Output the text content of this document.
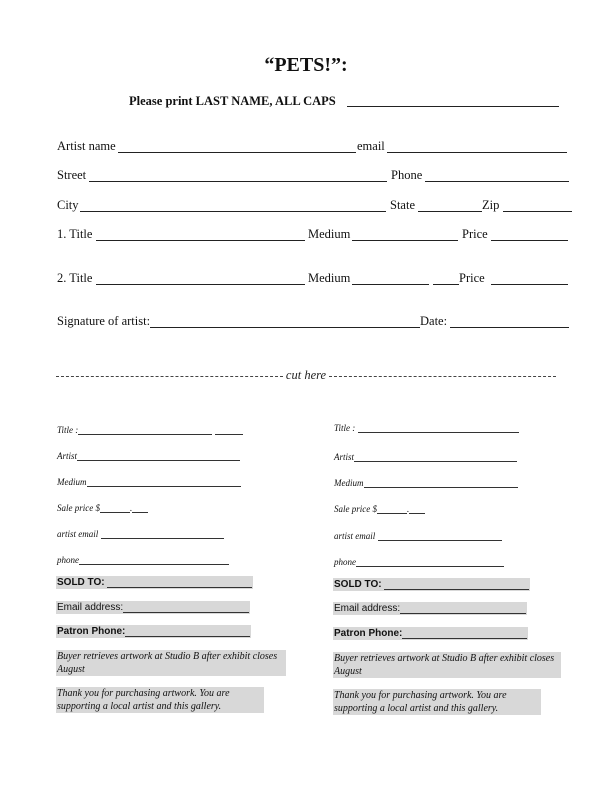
“PETS!”:
Please print LAST NAME, ALL CAPS
Artist name	email
Street	Phone
City	State	Zip
1. Title	Medium	Price
2. Title	Medium	Price
Signature of artist:	Date:
cut here
Title :
Artist
Medium
Sale price $	.
artist email
phone
SOLD TO:
Email address:
Patron Phone:
Buyer retrieves artwork at Studio B after exhibit closes August
Thank you for purchasing artwork. You are supporting a local artist and this gallery.
Title :
Artist
Medium
Sale price $	.
artist email
phone
SOLD TO:
Email address:
Patron Phone:
Buyer retrieves artwork at Studio B after exhibit closes August
Thank you for purchasing artwork. You are supporting a local artist and this gallery.
